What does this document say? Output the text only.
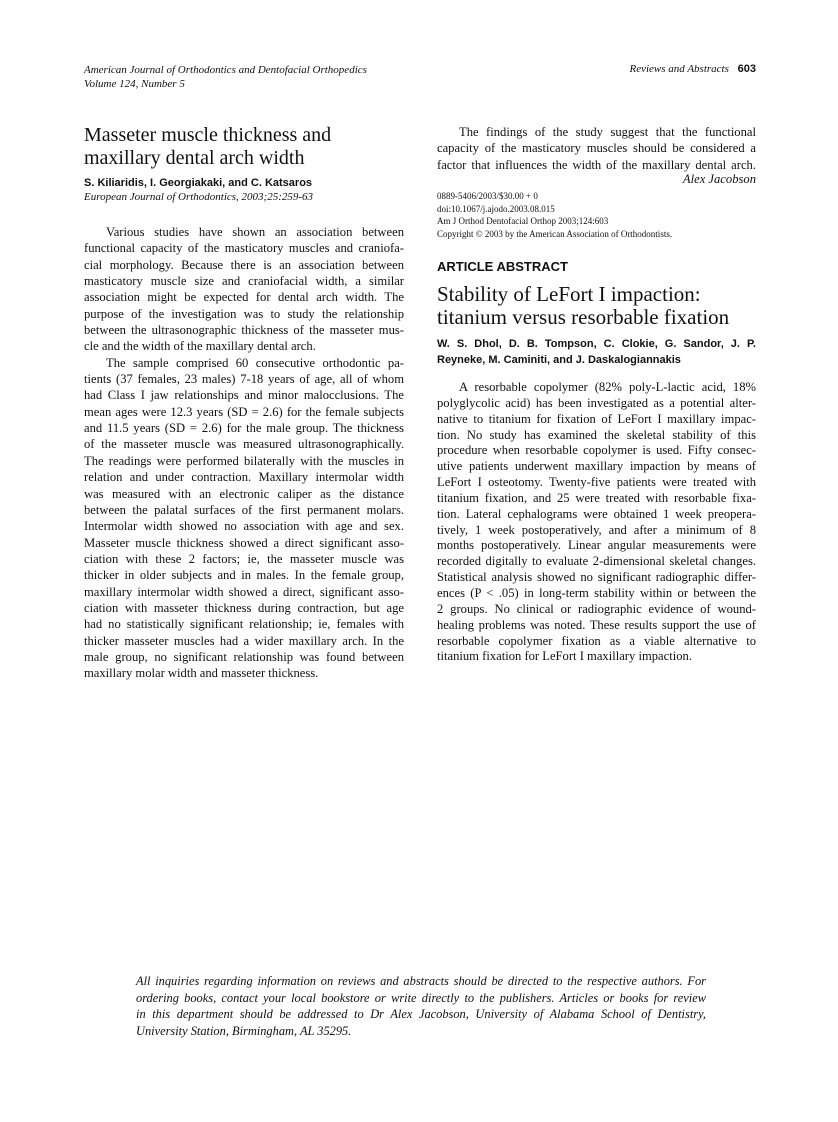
American Journal of Orthodontics and Dentofacial Orthopedics
Volume 124, Number 5
Reviews and Abstracts 603
Masseter muscle thickness and
maxillary dental arch width
S. Kiliaridis, I. Georgiakaki, and C. Katsaros
European Journal of Orthodontics, 2003;25:259-63
Various studies have shown an association between
functional capacity of the masticatory muscles and craniofa-
cial morphology. Because there is an association between
masticatory muscle size and craniofacial width, a similar
association might be expected for dental arch width. The
purpose of the investigation was to study the relationship
between the ultrasonographic thickness of the masseter mus-
cle and the width of the maxillary dental arch.
The sample comprised 60 consecutive orthodontic pa-
tients (37 females, 23 males) 7-18 years of age, all of whom
had Class I jaw relationships and minor malocclusions. The
mean ages were 12.3 years (SD = 2.6) for the female subjects
and 11.5 years (SD = 2.6) for the male group. The thickness
of the masseter muscle was measured ultrasonographically.
The readings were performed bilaterally with the muscles in
relation and under contraction. Maxillary intermolar width
was measured with an electronic caliper as the distance
between the palatal surfaces of the first permanent molars.
Intermolar width showed no association with age and sex.
Masseter muscle thickness showed a direct significant asso-
ciation with these 2 factors; ie, the masseter muscle was
thicker in older subjects and in males. In the female group,
maxillary intermolar width showed a direct, significant asso-
ciation with masseter thickness during contraction, but age
had no statistically significant relationship; ie, females with
thicker masseter muscles had a wider maxillary arch. In the
male group, no significant relationship was found between
maxillary molar width and masseter thickness.
The findings of the study suggest that the functional
capacity of the masticatory muscles should be considered a
factor that influences the width of the maxillary dental arch.
Alex Jacobson
0889-5406/2003/$30.00 + 0
doi:10.1067/j.ajodo.2003.08.015
Am J Orthod Dentofacial Orthop 2003;124:603
Copyright © 2003 by the American Association of Orthodontists.
ARTICLE ABSTRACT
Stability of LeFort I impaction:
titanium versus resorbable fixation
W. S. Dhol, D. B. Tompson, C. Clokie, G. Sandor, J. P.
Reyneke, M. Caminiti, and J. Daskalogiannakis
A resorbable copolymer (82% poly-L-lactic acid, 18%
polyglycolic acid) has been investigated as a potential alter-
native to titanium for fixation of LeFort I maxillary impac-
tion. No study has examined the skeletal stability of this
procedure when resorbable copolymer is used. Fifty consec-
utive patients underwent maxillary impaction by means of
LeFort I osteotomy. Twenty-five patients were treated with
titanium fixation, and 25 were treated with resorbable fixa-
tion. Lateral cephalograms were obtained 1 week preopera-
tively, 1 week postoperatively, and after a minimum of 8
months postoperatively. Linear angular measurements were
recorded digitally to evaluate 2-dimensional skeletal changes.
Statistical analysis showed no significant radiographic differ-
ences (P < .05) in long-term stability within or between the
2 groups. No clinical or radiographic evidence of wound-
healing problems was noted. These results support the use of
resorbable copolymer fixation as a viable alternative to
titanium fixation for LeFort I maxillary impaction.
All inquiries regarding information on reviews and abstracts should be directed to the respective authors. For
ordering books, contact your local bookstore or write directly to the publishers. Articles or books for review
in this department should be addressed to Dr Alex Jacobson, University of Alabama School of Dentistry,
University Station, Birmingham, AL 35295.
